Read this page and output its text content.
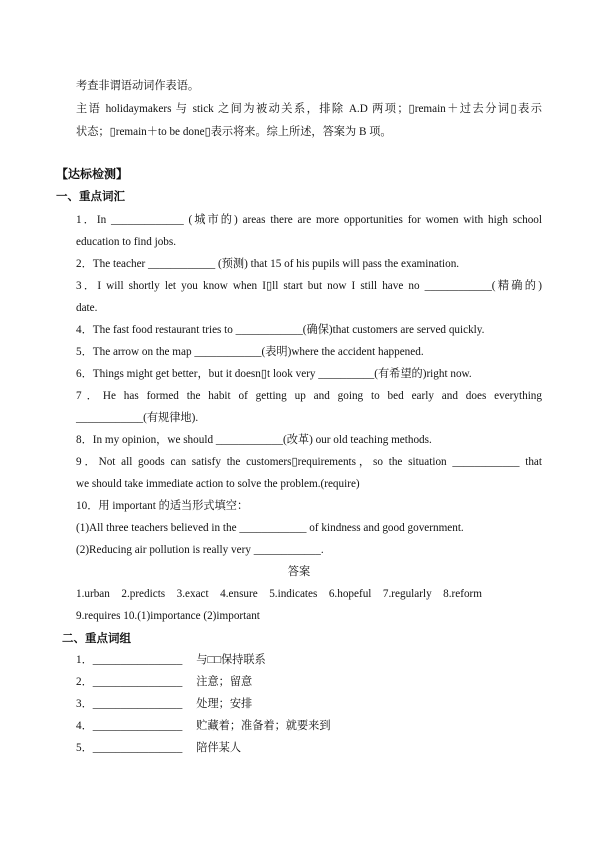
考查非谓语动词作表语。
主语 holidaymakers 与 stick 之间为被动关系，排除 A.D 两项；▯remain＋过去分词▯表示
状态；▯remain＋to be done▯表示将来。综上所述，答案为 B 项。
【达标检测】
一、重点词汇
1．In _____________ (城市的) areas there are more opportunities for women with high school
education to find jobs.
2．The teacher ____________ (预测) that 15 of his pupils will pass the examination.
3．I will shortly let you know when I▯ll start but now I still have no ____________(精确的)
date.
4．The fast food restaurant tries to ____________(确保)that customers are served quickly.
5．The arrow on the map ____________(表明)where the accident happened.
6．Things might get better，but it doesn▯t look very __________(有希望的)right now.
7．He has formed the habit of getting up and going to bed early and does everything
____________(有规律地).
8．In my opinion，we should ____________(改革) our old teaching methods.
9．Not all goods can satisfy the customers▯requirements，so the situation ____________ that
we should take immediate action to solve the problem.(require)
10．用 important 的适当形式填空：
(1)All three teachers believed in the ____________ of kindness and good government.
(2)Reducing air pollution is really very ____________.
答案
1.urban 2.predicts 3.exact 4.ensure 5.indicates 6.hopeful 7.regularly 8.reform
9.requires 10.(1)importance (2)important
二、重点词组
1．________________ 与□□保持联系
2．________________ 注意；留意
3．________________ 处理；安排
4．________________ 贮藏着；准备着；就要来到
5．________________ 陪伴某人
